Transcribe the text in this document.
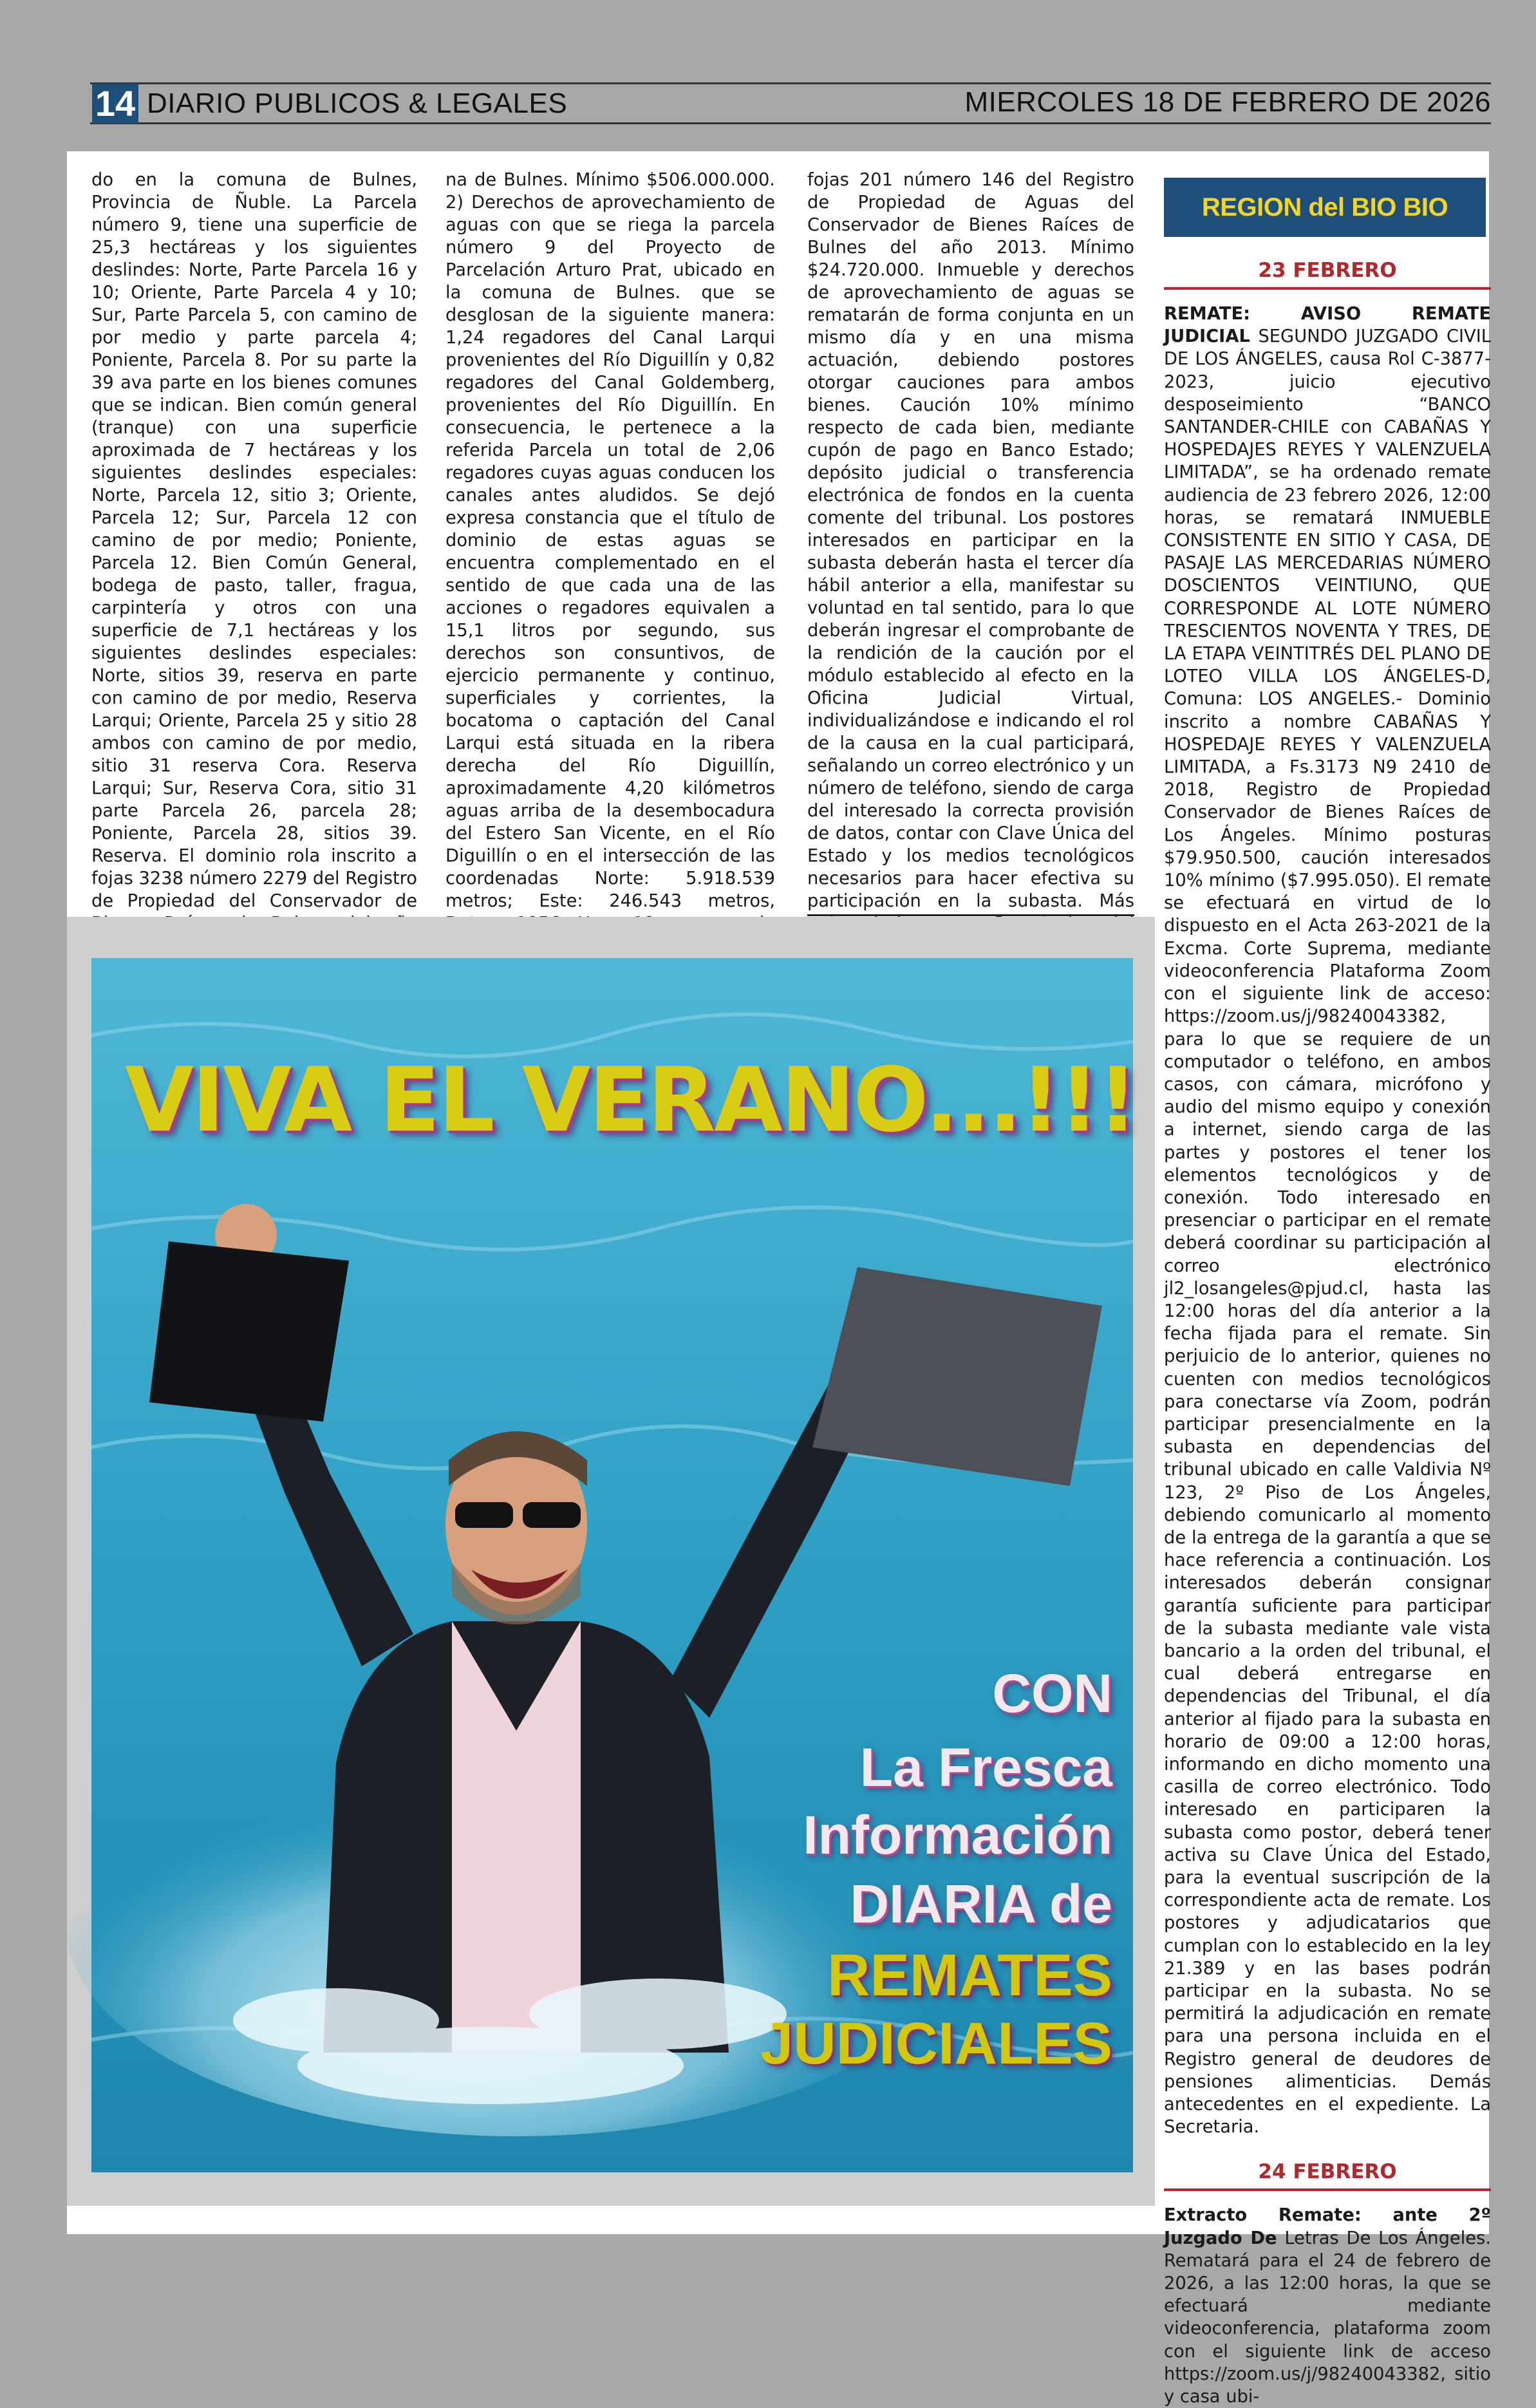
14 DIARIO PUBLICOS & LEGALES	MIERCOLES 18 DE FEBRERO DE 2026
do en la comuna de Bulnes, Provincia de Ñuble. La Parcela número 9, tiene una superficie de 25,3 hectáreas y los siguientes deslindes: Norte, Parte Parcela 16 y 10; Oriente, Parte Parcela 4 y 10; Sur, Parte Parcela 5, con camino de por medio y parte parcela 4; Poniente, Parcela 8. Por su parte la 39 ava parte en los bienes comunes que se indican. Bien común general (tranque) con una superficie aproximada de 7 hectáreas y los siguientes deslindes especiales: Norte, Parcela 12, sitio 3; Oriente, Parcela 12; Sur, Parcela 12 con camino de por medio; Poniente, Parcela 12. Bien Común General, bodega de pasto, taller, fragua, carpintería y otros con una superficie de 7,1 hectáreas y los siguientes deslindes especiales: Norte, sitios 39, reserva en parte con camino de por medio, Reserva Larqui; Oriente, Parcela 25 y sitio 28 ambos con camino de por medio, sitio 31 reserva Cora. Reserva Larqui; Sur, Reserva Cora, sitio 31 parte Parcela 26, parcela 28; Poniente, Parcela 28, sitios 39. Reserva. El dominio rola inscrito a fojas 3238 número 2279 del Registro de Propiedad del Conservador de
na de Bulnes. Mínimo $506.000.000. 2) Derechos de aprovechamiento de aguas con que se riega la parcela número 9 del Proyecto de Parcelación Arturo Prat, ubicado en la comuna de Bulnes. que se desglosan de la siguiente manera: 1,24 regadores del Canal Larqui provenientes del Río Diguillín y 0,82 regadores del Canal Goldemberg, provenientes del Río Diguillín. En consecuencia, le pertenece a la referida Parcela un total de 2,06 regadores cuyas aguas conducen los canales antes aludidos. Se dejó expresa constancia que el título de dominio de estas aguas se encuentra complementado en el sentido de que cada una de las acciones o regadores equivalen a 15,1 litros por segundo, sus derechos son consuntivos, de ejercicio permanente y continuo, superficiales y corrientes, la bocatoma o captación del Canal Larqui está situada en la ribera derecha del Río Diguillín, aproximadamente 4,20 kilómetros aguas arriba de la desembocadura del Estero San Vicente, en el Río Diguillín o en el intersección de las coordenadas Norte: 5.918.539 metros; Este: 246.543 metros,
fojas 201 número 146 del Registro de Propiedad de Aguas del Conservador de Bienes Raíces de Bulnes del año 2013. Mínimo $24.720.000. Inmueble y derechos de aprovechamiento de aguas se rematarán de forma conjunta en un mismo día y en una misma actuación, debiendo postores otorgar cauciones para ambos bienes. Caución 10% mínimo respecto de cada bien, mediante cupón de pago en Banco Estado; depósito judicial o transferencia electrónica de fondos en la cuenta comente del tribunal. Los postores interesados en participar en la subasta deberán hasta el tercer día hábil anterior a ella, manifestar su voluntad en tal sentido, para lo que deberán ingresar el comprobante de la rendición de la caución por el módulo establecido al efecto en la Oficina Judicial Virtual, individualizándose e indicando el rol de la causa en la cual participará, señalando un correo electrónico y un número de teléfono, siendo de carga del interesado la correcta provisión de datos, contar con Clave Única del Estado y los medios tecnológicos necesarios para hacer efectiva su participación en la subasta. Más
REGION del BIO BIO
23 FEBRERO
REMATE: AVISO REMATE JUDICIAL SEGUNDO JUZGADO CIVIL DE LOS ÁNGELES, causa Rol C-3877-2023, juicio ejecutivo desposeimiento “BANCO SANTANDER-CHILE con CABAÑAS Y HOSPEDAJES REYES Y VALENZUELA LIMITADA”, se ha ordenado remate audiencia de 23 febrero 2026, 12:00 horas, se rematará INMUEBLE CONSISTENTE EN SITIO Y CASA, DE PASAJE LAS MERCEDARIAS NÚMERO DOSCIENTOS VEINTIUNO, QUE CORRESPONDE AL LOTE NÚMERO TRESCIENTOS NOVENTA Y TRES, DE LA ETAPA VEINTITRÉS DEL PLANO DE LOTEO VILLA LOS ÁNGELES-D, Comuna: LOS ANGELES.- Dominio inscrito a nombre CABAÑAS Y HOSPEDAJE REYES Y VALENZUELA LIMITADA, a Fs.3173 N9 2410 de 2018, Registro de Propiedad Conservador de Bienes Raíces de Los Ángeles. Mínimo posturas $79.950.500, caución interesados 10% mínimo ($7.995.050). El remate se efectuará en virtud de lo dispuesto en el Acta 263-2021 de la Excma. Corte Suprema, mediante videoconferencia Plataforma Zoom con el siguiente link de acceso: https://zoom.us/j/98240043382, para lo que se requiere de un computador o teléfono, en ambos casos, con cámara, micrófono y audio del mismo equipo y conexión a internet, siendo carga de las partes y postores el tener los elementos tecnológicos y de conexión. Todo interesado en presenciar o participar en el remate deberá coordinar su participación al correo electrónico jl2_losangeles@pjud.cl, hasta las 12:00 horas del día anterior a la fecha fijada para el remate. Sin perjuicio de lo anterior, quienes no cuenten con medios tecnológicos para conectarse vía Zoom, podrán participar presencialmente en la subasta en dependencias del tribunal ubicado en calle Valdivia Nº 123, 2º Piso de Los Ángeles, debiendo comunicarlo al momento de la entrega de la garantía a que se hace referencia a continuación. Los interesados deberán consignar garantía suficiente para participar de la subasta mediante vale vista bancario a la orden del tribunal, el cual deberá entregarse en dependencias del Tribunal, el día anterior al fijado para la subasta en horario de 09:00 a 12:00 horas, informando en dicho momento una casilla de correo electrónico. Todo interesado en participaren la subasta como postor, deberá tener activa su Clave Única del Estado, para la eventual suscripción de la correspondiente acta de remate. Los postores y adjudicatarios que cumplan con lo establecido en la ley 21.389 y en las bases podrán participar en la subasta. No se permitirá la adjudicación en remate para una persona incluida en el Registro general de deudores de pensiones alimenticias. Demás antecedentes en el expediente. La Secretaria.
24 FEBRERO
Extracto Remate: ante 2º Juzgado De Letras De Los Ángeles. Rematará para el 24 de febrero de 2026, a las 12:00 horas, la que se efectuará mediante videoconferencia, plataforma zoom con el siguiente link de acceso https://zoom.us/j/98240043382, sitio y casa ubi-
VIVA EL VERANO...!!!
CON
La Fresca
Información
DIARIA de
REMATES
JUDICIALES
